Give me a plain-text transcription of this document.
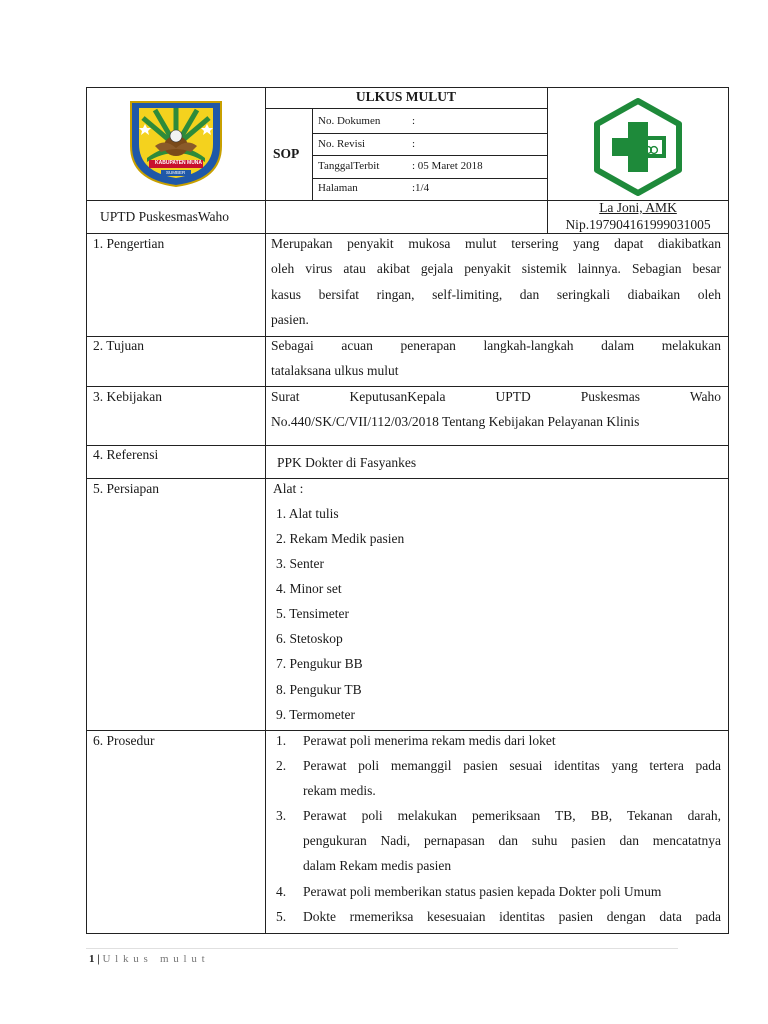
KABUPATEN MUNA
SUMBER
ULKUS MULUT
SOP
No. Dokumen	:
No. Revisi	:
TanggalTerbit	: 05 Maret 2018
Halaman	:1/4
UPTD PuskesmasWaho
La Joni, AMK
Nip.197904161999031005
1. Pengertian	Merupakan penyakit mukosa mulut tersering yang dapat diakibatkan
oleh virus atau akibat gejala penyakit sistemik lainnya. Sebagian besar
kasus bersifat ringan, self-limiting, dan seringkali diabaikan oleh
pasien.
2. Tujuan	Sebagai acuan penerapan langkah-langkah dalam melakukan
tatalaksana ulkus mulut
3. Kebijakan	Surat KeputusanKepala UPTD Puskesmas Waho
No.440/SK/C/VII/112/03/2018 Tentang Kebijakan Pelayanan Klinis
4. Referensi
PPK Dokter di Fasyankes
5. Persiapan	Alat :
1. Alat tulis
2. Rekam Medik pasien
3. Senter
4. Minor set
5. Tensimeter
6. Stetoskop
7. Pengukur BB
8. Pengukur TB
9. Termometer
6. Prosedur	1. Perawat poli menerima rekam medis dari loket
2. Perawat poli memanggil pasien sesuai identitas yang tertera pada
rekam medis.
3. Perawat poli melakukan pemeriksaan TB, BB, Tekanan darah,
pengukuran Nadi, pernapasan dan suhu pasien dan mencatatnya
dalam Rekam medis pasien
4. Perawat poli memberikan status pasien kepada Dokter poli Umum
5. Dokte rmemeriksa kesesuaian identitas pasien dengan data pada
1 | U l k u s   m u l u t
